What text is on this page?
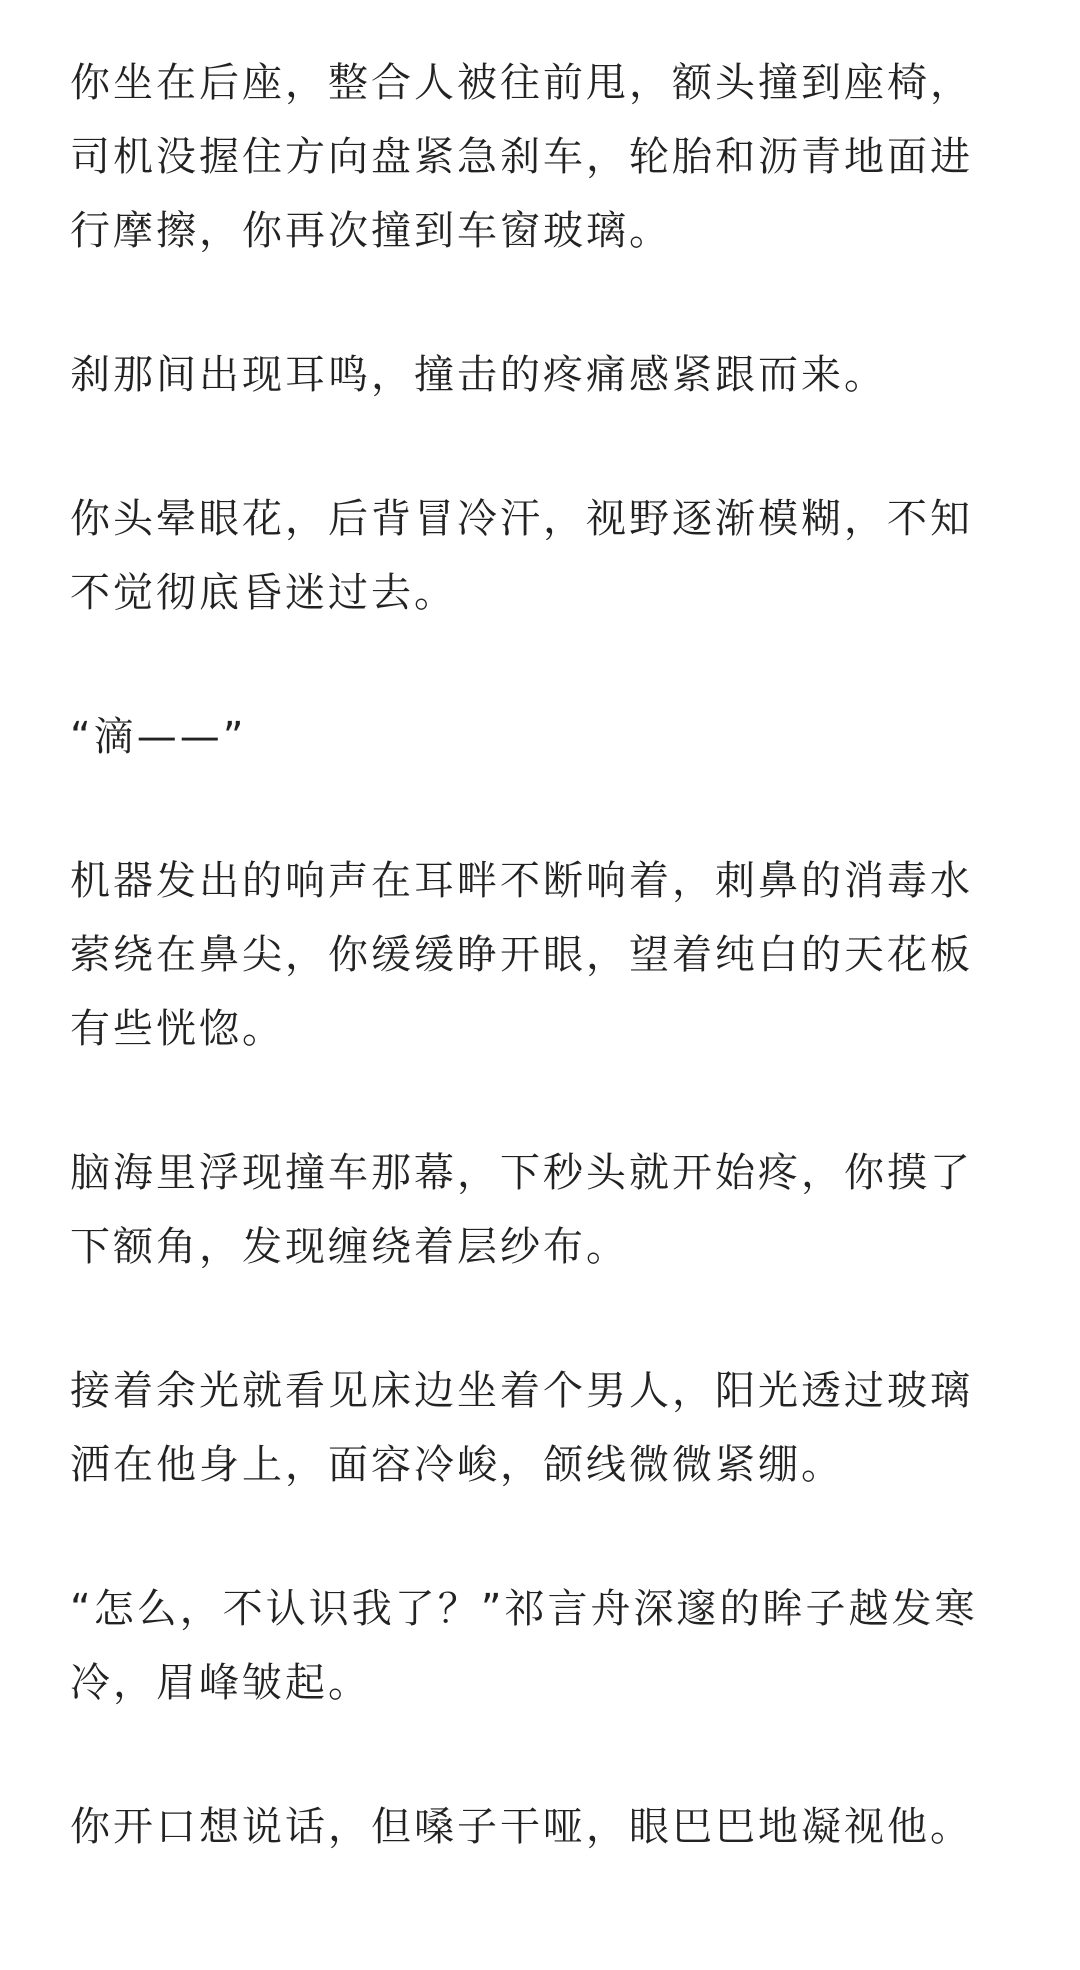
你坐在后座，整合人被往前甩，额头撞到座椅，司机没握住方向盘紧急刹车，轮胎和沥青地面进行摩擦，你再次撞到车窗玻璃。

刹那间出现耳鸣，撞击的疼痛感紧跟而来。

你头晕眼花，后背冒冷汗，视野逐渐模糊，不知不觉彻底昏迷过去。

“滴——”

机器发出的响声在耳畔不断响着，刺鼻的消毒水萦绕在鼻尖，你缓缓睁开眼，望着纯白的天花板有些恍惚。

脑海里浮现撞车那幕，下秒头就开始疼，你摸了下额角，发现缠绕着层纱布。

接着余光就看见床边坐着个男人，阳光透过玻璃洒在他身上，面容冷峻，颌线微微紧绷。

“怎么，不认识我了？”祁言舟深邃的眸子越发寒冷，眉峰皱起。

你开口想说话，但嗓子干哑，眼巴巴地凝视他。
